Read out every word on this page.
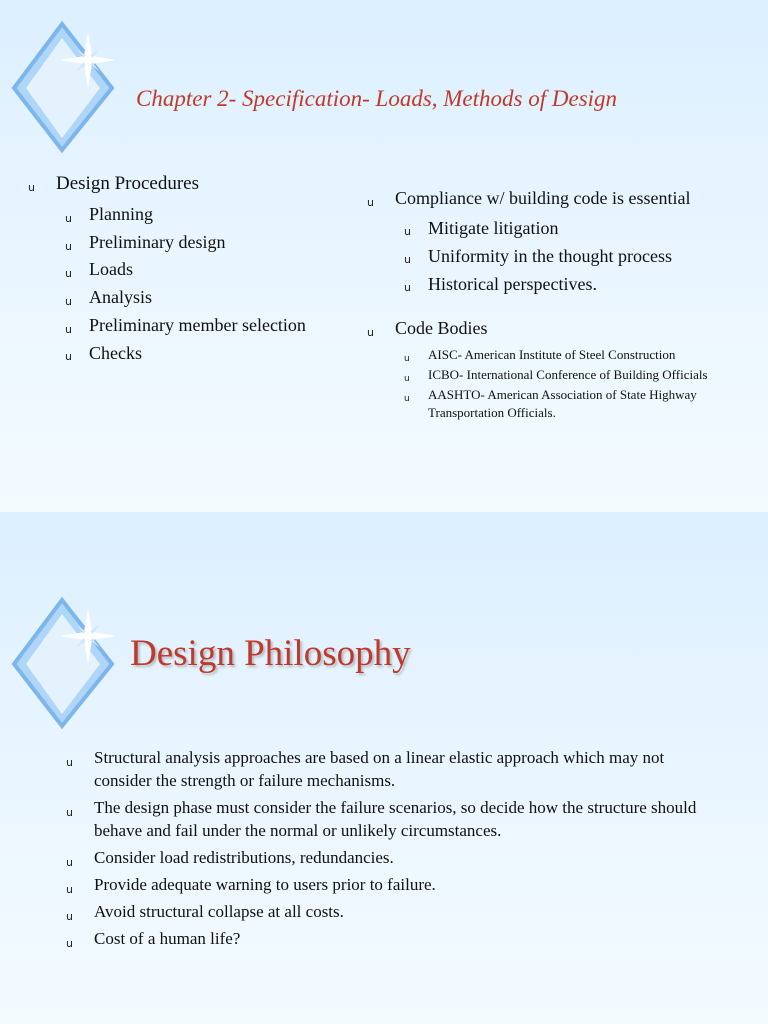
Chapter 2- Specification- Loads, Methods of Design
u Design Procedures
u Planning
u Preliminary design
u Loads
u Analysis
u Preliminary member selection
u Checks
u Compliance w/ building code is essential
u Mitigate litigation
u Uniformity in the thought process
u Historical perspectives.
u Code Bodies
u AISC- American Institute of Steel Construction
u ICBO- International Conference of Building Officials
u AASHTO- American Association of State Highway Transportation Officials.
Design Philosophy
u Structural analysis approaches are based on a linear elastic approach which may not consider the strength or failure mechanisms.
u The design phase must consider the failure scenarios, so decide how the structure should behave and fail under the normal or unlikely circumstances.
u Consider load redistributions, redundancies.
u Provide adequate warning to users prior to failure.
u Avoid structural collapse at all costs.
u Cost of a human life?
